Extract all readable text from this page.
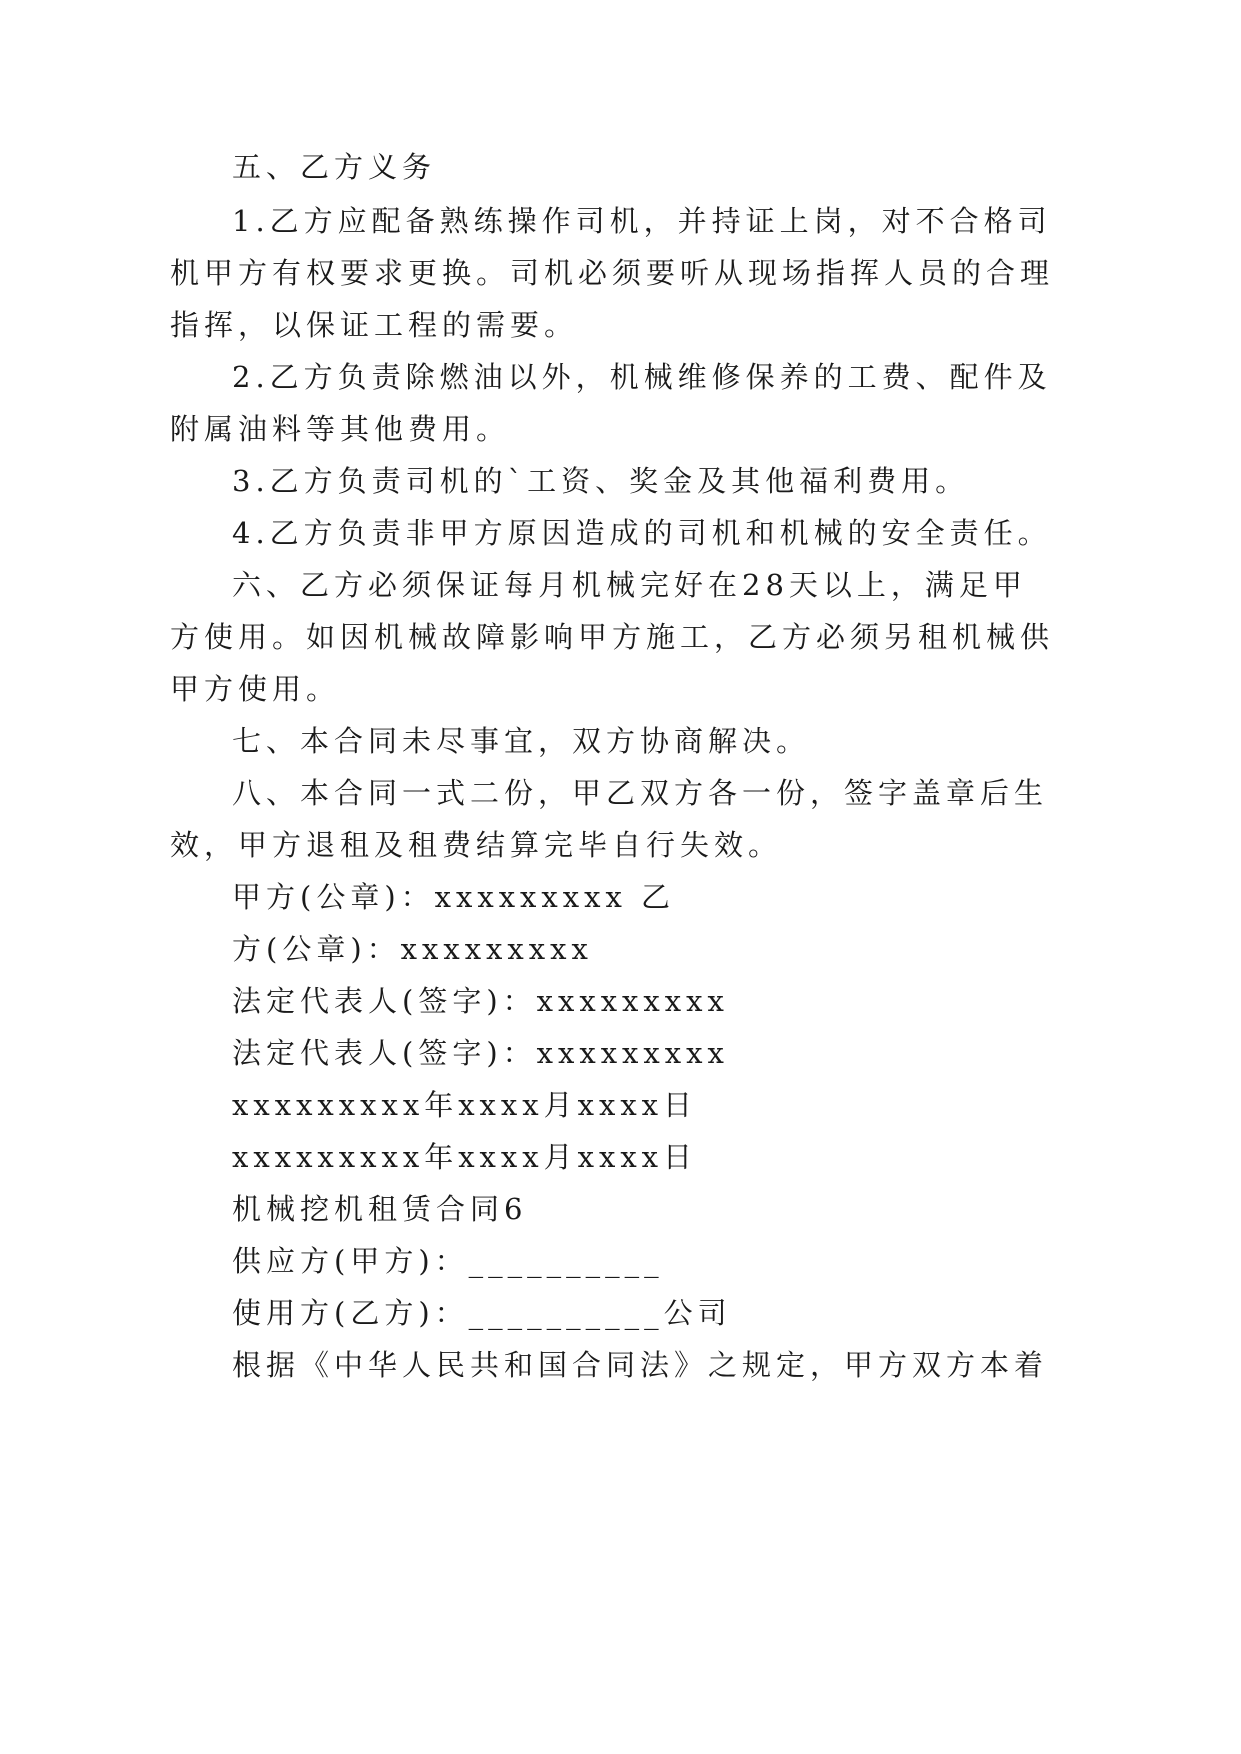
五、乙方义务
1.乙方应配备熟练操作司机，并持证上岗，对不合格司
机甲方有权要求更换。司机必须要听从现场指挥人员的合理
指挥，以保证工程的需要。
2.乙方负责除燃油以外，机械维修保养的工费、配件及
附属油料等其他费用。
3.乙方负责司机的`工资、奖金及其他福利费用。
4.乙方负责非甲方原因造成的司机和机械的安全责任。
六、乙方必须保证每月机械完好在28天以上，满足甲
方使用。如因机械故障影响甲方施工，乙方必须另租机械供
甲方使用。
七、本合同未尽事宜，双方协商解决。
八、本合同一式二份，甲乙双方各一份，签字盖章后生
效，甲方退租及租费结算完毕自行失效。
甲方(公章)：xxxxxxxxx 乙
方(公章)：xxxxxxxxx
法定代表人(签字)：xxxxxxxxx
法定代表人(签字)：xxxxxxxxx
xxxxxxxxx年xxxx月xxxx日
xxxxxxxxx年xxxx月xxxx日
机械挖机租赁合同6
供应方(甲方)：__________
使用方(乙方)：__________公司
根据《中华人民共和国合同法》之规定，甲方双方本着
